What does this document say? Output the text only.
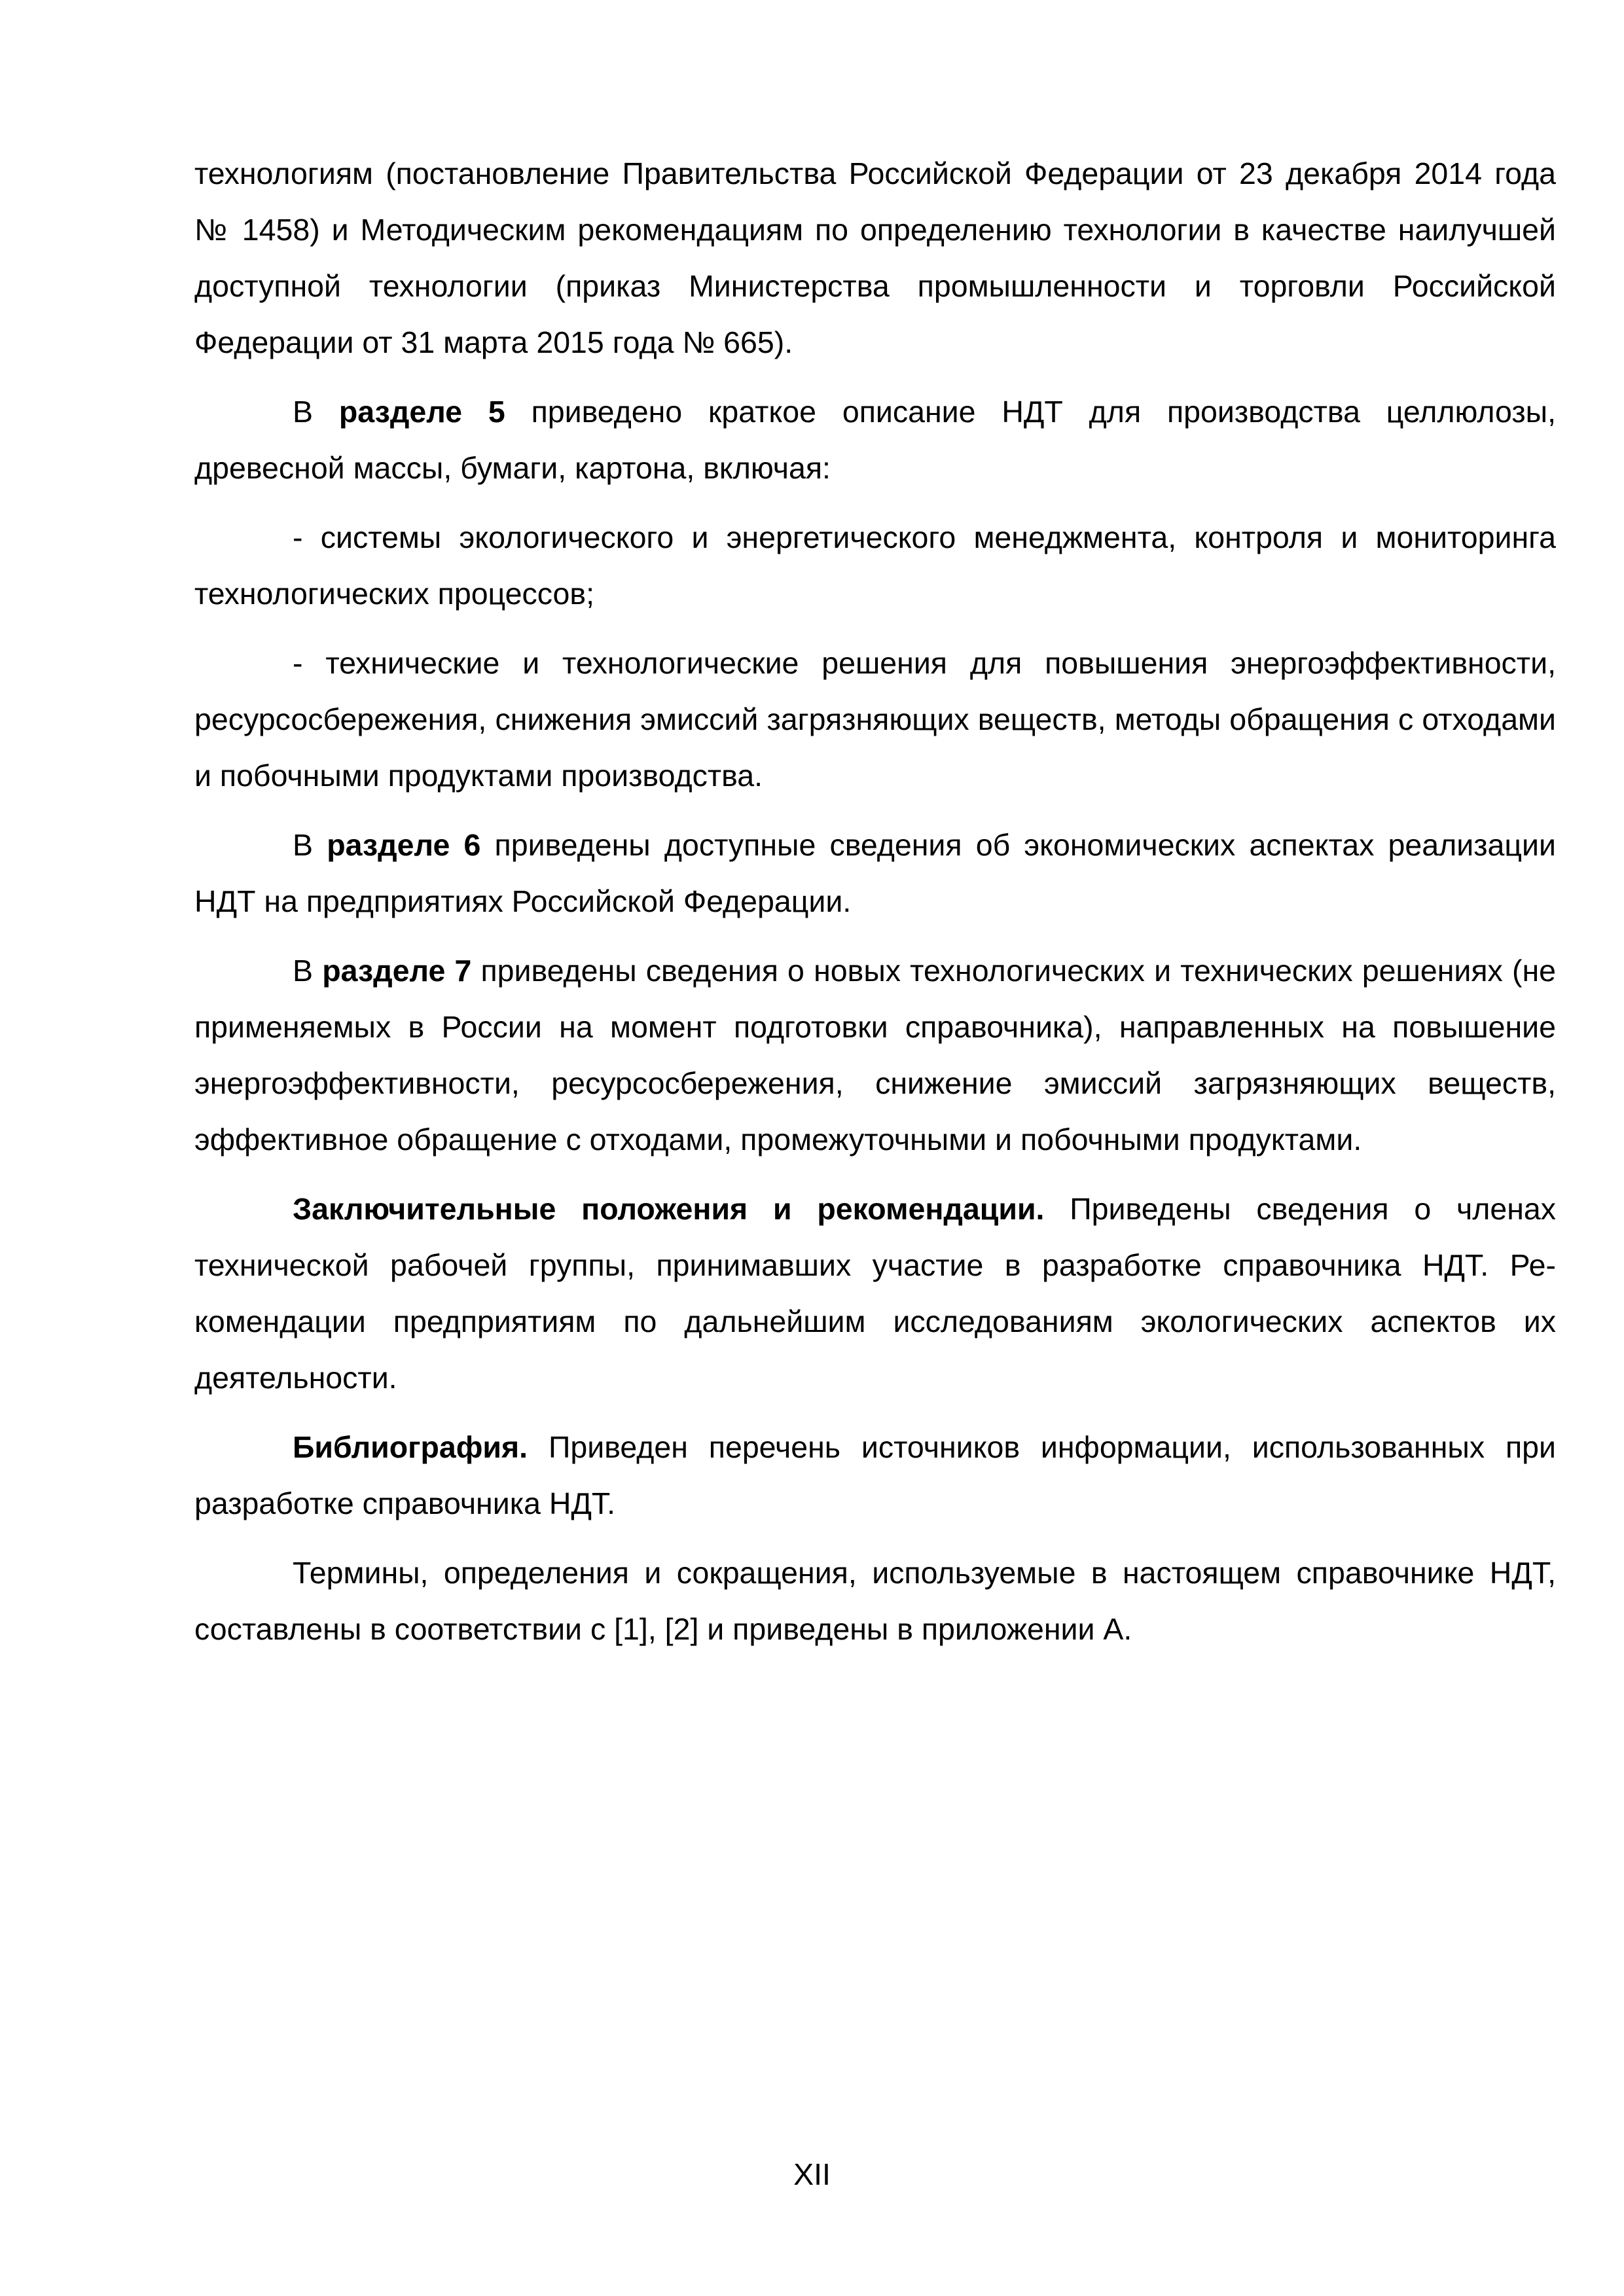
технологиям (постановление Правительства Российской Федерации от 23 декабря 2014 года № 1458) и Методическим рекомендациям по определению технологии в качестве наилучшей доступной технологии (приказ Министерства промышленности и торговли Российской Федерации от 31 марта 2015 года № 665).

В разделе 5 приведено краткое описание НДТ для производства целлюлозы, древесной массы, бумаги, картона, включая:

- системы экологического и энергетического менеджмента, контроля и мониторинга технологических процессов;

- технические и технологические решения для повышения энергоэффективности, ресурсосбережения, снижения эмиссий загрязняющих веществ, методы обращения с отходами и побочными продуктами производства.

В разделе 6 приведены доступные сведения об экономических аспектах реализации НДТ на предприятиях Российской Федерации.

В разделе 7 приведены сведения о новых технологических и технических решениях (не применяемых в России на момент подготовки справочника), направленных на повышение энергоэффективности, ресурсосбережения, снижение эмиссий загрязняющих веществ, эффективное обращение с отходами, промежуточными и побочными продуктами.

Заключительные положения и рекомендации. Приведены сведения о членах технической рабочей группы, принимавших участие в разработке справочника НДТ. Рекомендации предприятиям по дальнейшим исследованиям экологических аспектов их деятельности.

Библиография. Приведен перечень источников информации, использованных при разработке справочника НДТ.

Термины, определения и сокращения, используемые в настоящем справочнике НДТ, составлены в соответствии с [1], [2] и приведены в приложении А.

XII
